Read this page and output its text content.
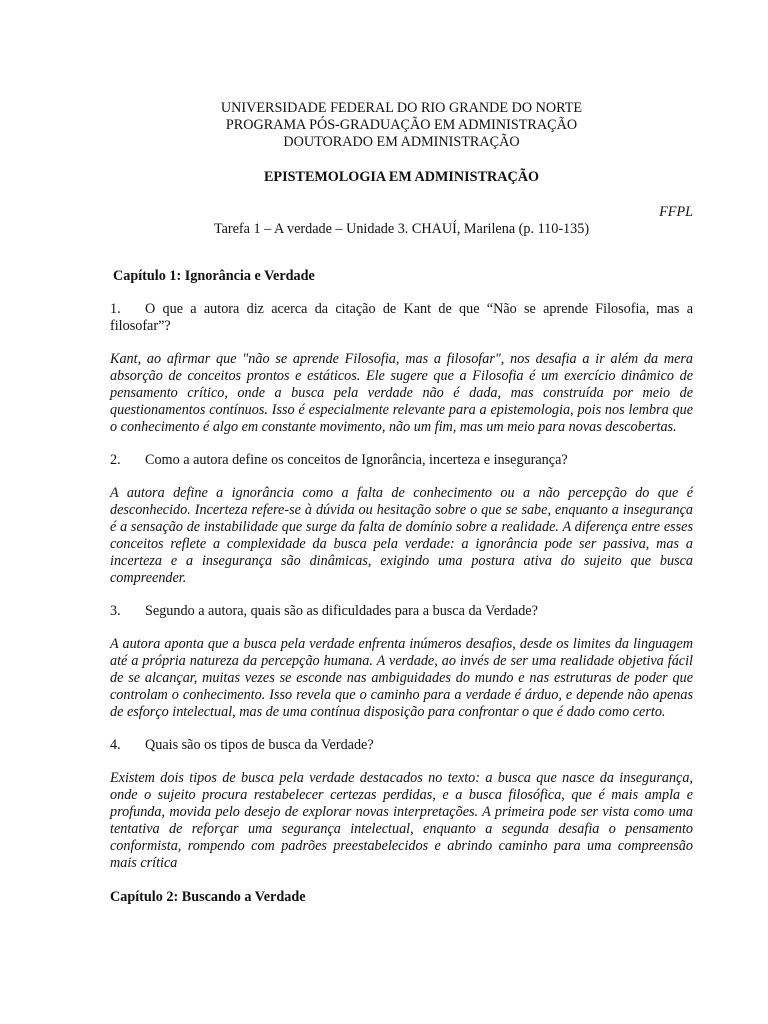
UNIVERSIDADE FEDERAL DO RIO GRANDE DO NORTE

PROGRAMA PÓS-GRADUAÇÃO EM ADMINISTRAÇÃO

DOUTORADO EM ADMINISTRAÇÃO

EPISTEMOLOGIA EM ADMINISTRAÇÃO
FFPL
Tarefa 1 – A verdade – Unidade 3. CHAUÍ, Marilena (p. 110-135)
Capítulo 1: Ignorância e Verdade
1. O que a autora diz acerca da citação de Kant de que “Não se aprende Filosofia, mas a filosofar”?
Kant, ao afirmar que "não se aprende Filosofia, mas a filosofar", nos desafia a ir além da mera absorção de conceitos prontos e estáticos. Ele sugere que a Filosofia é um exercício dinâmico de pensamento crítico, onde a busca pela verdade não é dada, mas construída por meio de questionamentos contínuos. Isso é especialmente relevante para a epistemologia, pois nos lembra que o conhecimento é algo em constante movimento, não um fim, mas um meio para novas descobertas.
2. Como a autora define os conceitos de Ignorância, incerteza e insegurança?
A autora define a ignorância como a falta de conhecimento ou a não percepção do que é desconhecido. Incerteza refere-se à dúvida ou hesitação sobre o que se sabe, enquanto a insegurança é a sensação de instabilidade que surge da falta de domínio sobre a realidade. A diferença entre esses conceitos reflete a complexidade da busca pela verdade: a ignorância pode ser passiva, mas a incerteza e a insegurança são dinâmicas, exigindo uma postura ativa do sujeito que busca compreender.
3. Segundo a autora, quais são as dificuldades para a busca da Verdade?
A autora aponta que a busca pela verdade enfrenta inúmeros desafios, desde os limites da linguagem até a própria natureza da percepção humana. A verdade, ao invés de ser uma realidade objetiva fácil de se alcançar, muitas vezes se esconde nas ambiguidades do mundo e nas estruturas de poder que controlam o conhecimento. Isso revela que o caminho para a verdade é árduo, e depende não apenas de esforço intelectual, mas de uma contínua disposição para confrontar o que é dado como certo.
4. Quais são os tipos de busca da Verdade?
Existem dois tipos de busca pela verdade destacados no texto: a busca que nasce da insegurança, onde o sujeito procura restabelecer certezas perdidas, e a busca filosófica, que é mais ampla e profunda, movida pelo desejo de explorar novas interpretações. A primeira pode ser vista como uma tentativa de reforçar uma segurança intelectual, enquanto a segunda desafia o pensamento conformista, rompendo com padrões preestabelecidos e abrindo caminho para uma compreensão mais crítica
Capítulo 2: Buscando a Verdade
